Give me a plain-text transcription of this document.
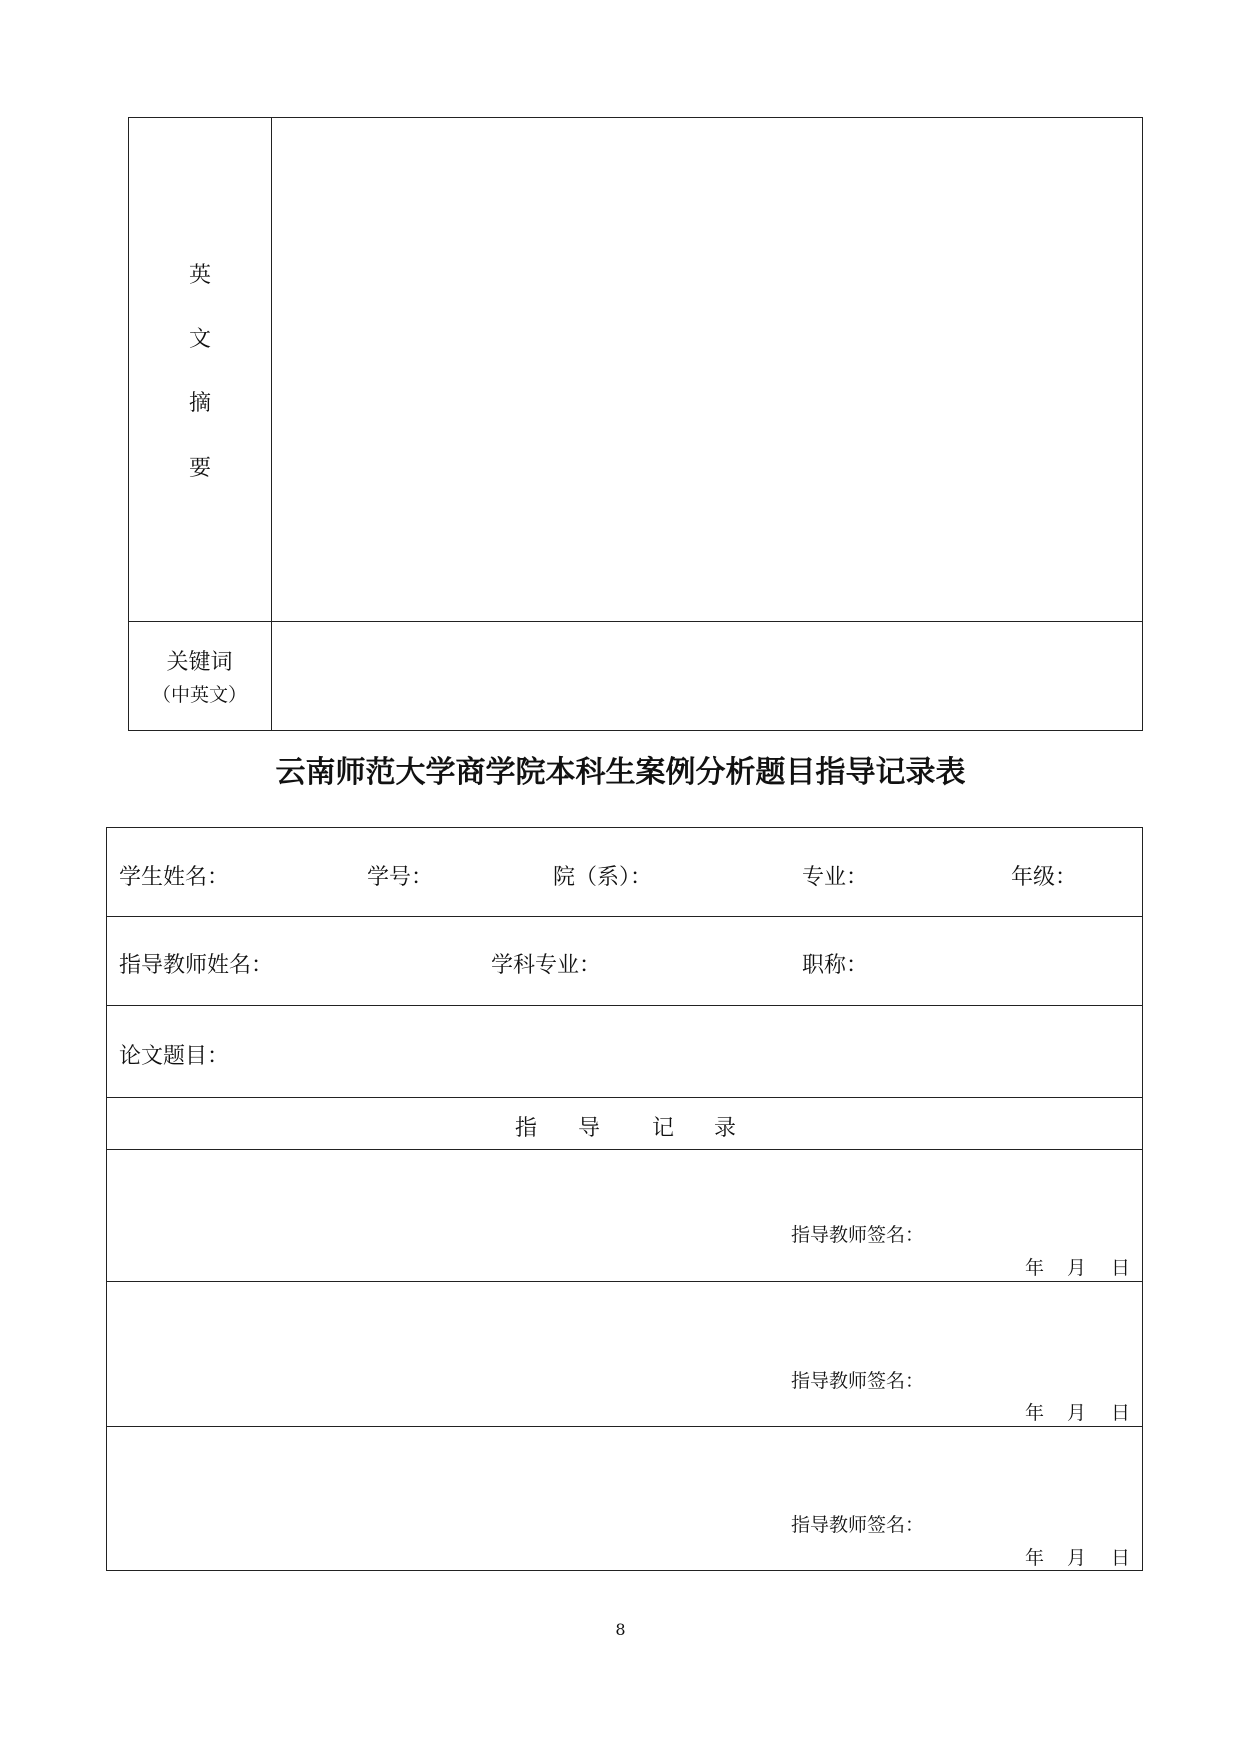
英
文
摘
要
关键词
（中英文）
云南师范大学商学院本科生案例分析题目指导记录表
学生姓名：	学号：	院（系）：	专业：	年级：
指导教师姓名：	学科专业：	职称：
论文题目：
指 导 记 录
指导教师签名：
年 月 日
指导教师签名：
年 月 日
指导教师签名：
年 月 日
8
